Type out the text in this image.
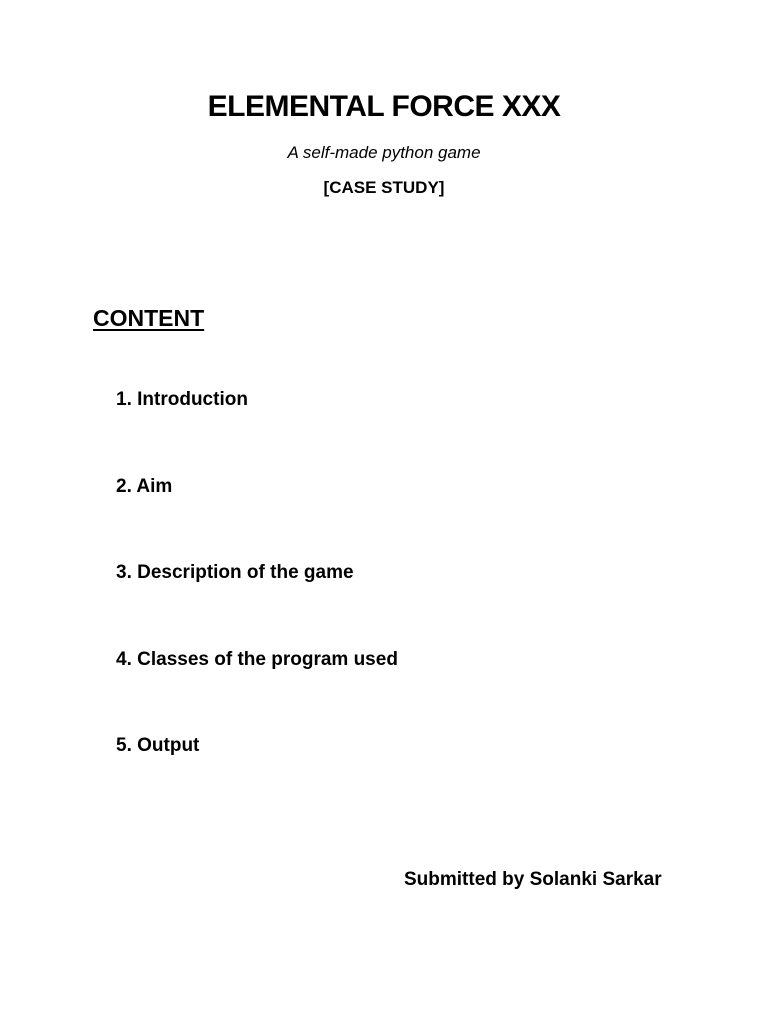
ELEMENTAL FORCE XXX
A self-made python game
[CASE STUDY]
CONTENT
1. Introduction
2. Aim
3. Description of the game
4. Classes of the program used
5. Output
Submitted by Solanki Sarkar
